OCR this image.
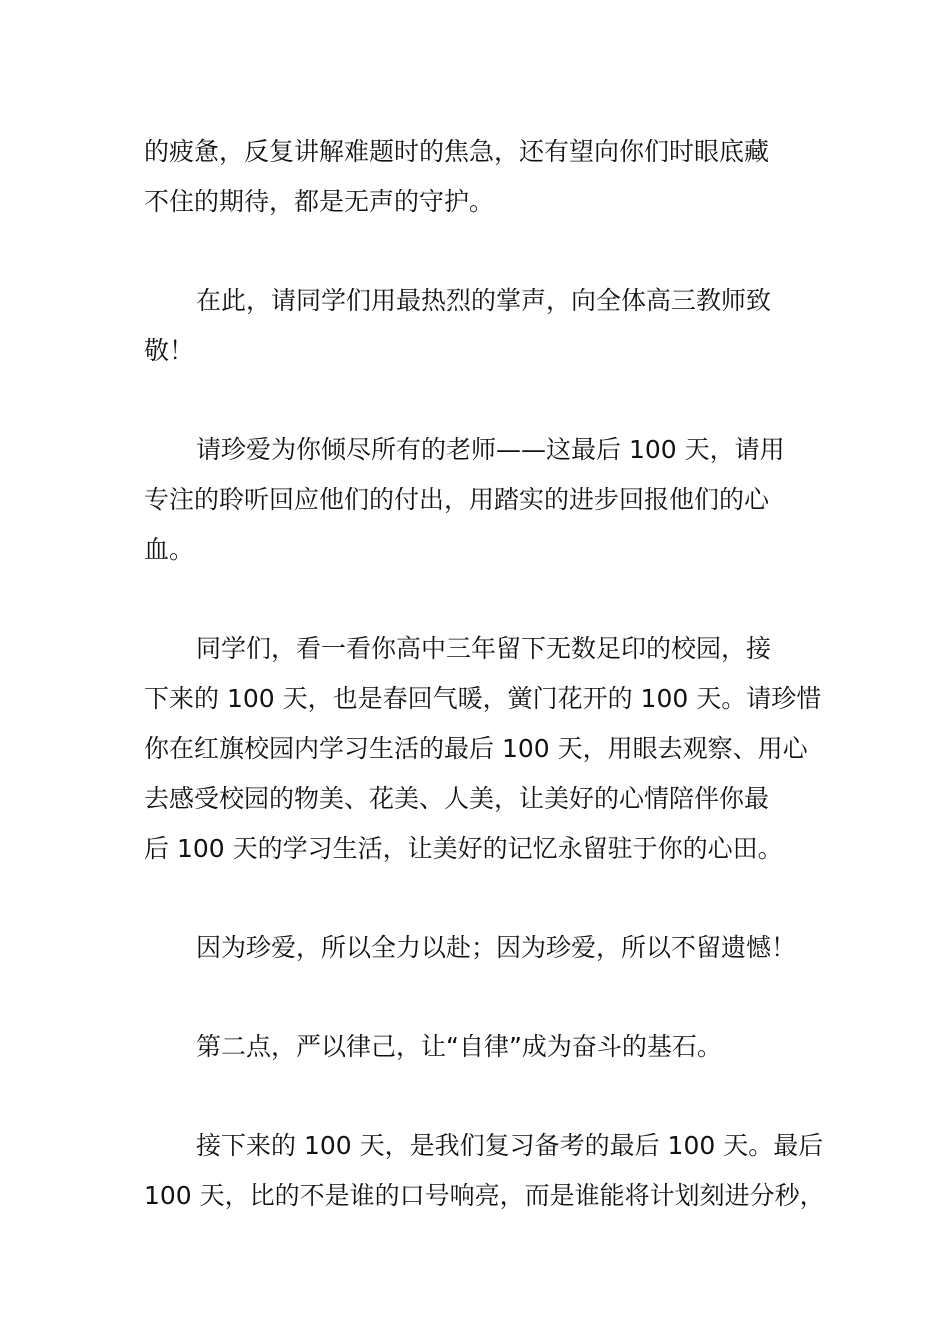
的疲惫，反复讲解难题时的焦急，还有望向你们时眼底藏
不住的期待，都是无声的守护。
在此，请同学们用最热烈的掌声，向全体高三教师致
敬！
请珍爱为你倾尽所有的老师——这最后 100 天，请用
专注的聆听回应他们的付出，用踏实的进步回报他们的心
血。
同学们，看一看你高中三年留下无数足印的校园，接
下来的 100 天，也是春回气暖，黉门花开的 100 天。请珍惜
你在红旗校园内学习生活的最后 100 天，用眼去观察、用心
去感受校园的物美、花美、人美，让美好的心情陪伴你最
后 100 天的学习生活，让美好的记忆永留驻于你的心田。
因为珍爱，所以全力以赴；因为珍爱，所以不留遗憾！
第二点，严以律己，让“自律”成为奋斗的基石。
接下来的 100 天，是我们复习备考的最后 100 天。最后
100 天，比的不是谁的口号响亮，而是谁能将计划刻进分秒，
